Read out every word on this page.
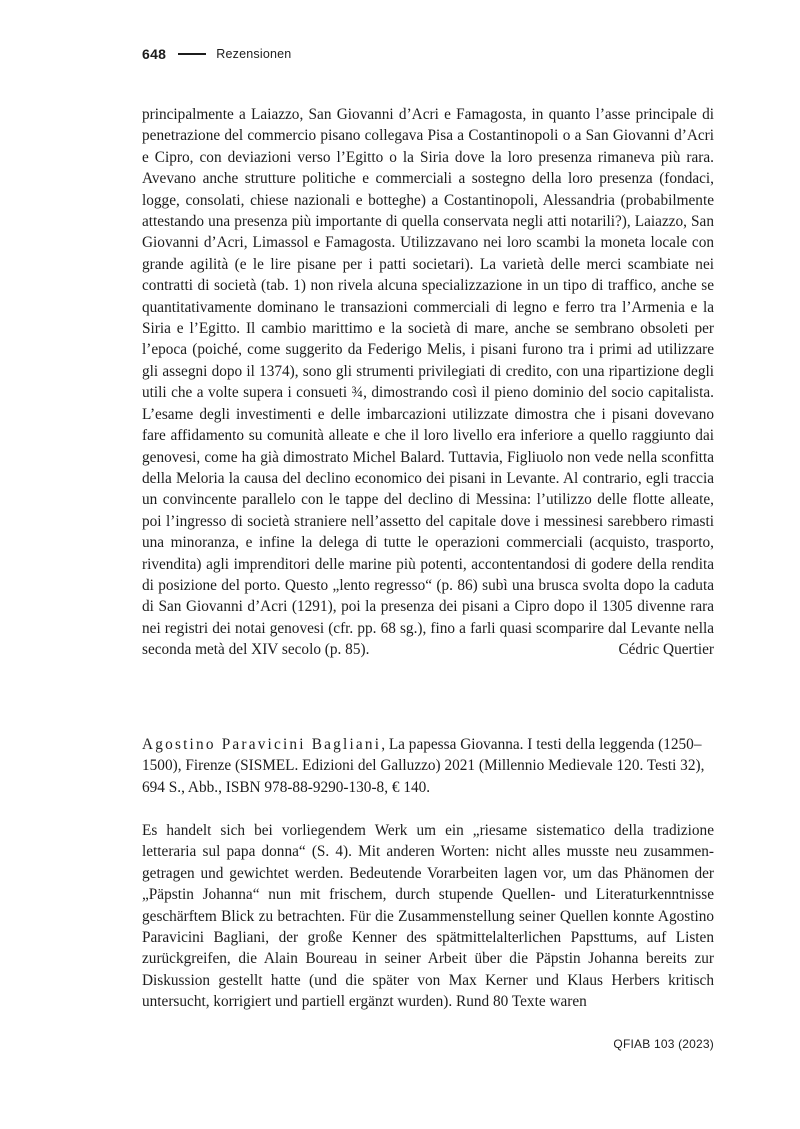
648	Rezensionen
principalmente a Laiazzo, San Giovanni d’Acri e Famagosta, in quanto l’asse principale di penetrazione del commercio pisano collegava Pisa a Costantinopoli o a San Giovanni d’Acri e Cipro, con deviazioni verso l’Egitto o la Siria dove la loro presenza rimaneva più rara. Avevano anche strutture politiche e commerciali a sostegno della loro presenza (fondaci, logge, consolati, chiese nazionali e botteghe) a Costantinopoli, Alessandria (probabilmente attestando una presenza più importante di quella conservata negli atti notarili?), Laiazzo, San Giovanni d’Acri, Limassol e Famagosta. Utilizzavano nei loro scambi la moneta locale con grande agilità (e le lire pisane per i patti societari). La varietà delle merci scambiate nei contratti di società (tab. 1) non rivela alcuna specializzazione in un tipo di traffico, anche se quantitativamente dominano le transazioni commerciali di legno e ferro tra l’Armenia e la Siria e l’Egitto. Il cambio marittimo e la società di mare, anche se sembrano obsoleti per l’epoca (poiché, come suggerito da Federigo Melis, i pisani furono tra i primi ad utilizzare gli assegni dopo il 1374), sono gli strumenti privilegiati di credito, con una ripartizione degli utili che a volte supera i consueti ¾, dimostrando così il pieno dominio del socio capitalista. L’esame degli investimenti e delle imbarcazioni utilizzate dimostra che i pisani dovevano fare affidamento su comunità alleate e che il loro livello era inferiore a quello raggiunto dai genovesi, come ha già dimostrato Michel Balard. Tuttavia, Figliuolo non vede nella sconfitta della Meloria la causa del declino economico dei pisani in Levante. Al contrario, egli traccia un convincente parallelo con le tappe del declino di Messina: l’utilizzo delle flotte alleate, poi l’ingresso di società straniere nell’assetto del capitale dove i messinesi sarebbero rimasti una minoranza, e infine la delega di tutte le operazioni commerciali (acquisto, trasporto, rivendita) agli imprenditori delle marine più potenti, accontentandosi di godere della rendita di posizione del porto. Questo „lento regresso“ (p. 86) subì una brusca svolta dopo la caduta di San Giovanni d’Acri (1291), poi la presenza dei pisani a Cipro dopo il 1305 divenne rara nei registri dei notai genovesi (cfr. pp. 68 sg.), fino a farli quasi scomparire dal Levante nella seconda metà del XIV secolo (p. 85).	Cédric Quertier
Agostino Paravicini Bagliani, La papessa Giovanna. I testi della leggenda (1250–1500), Firenze (SISMEL. Edizioni del Galluzzo) 2021 (Millennio Medievale 120. Testi 32), 694 S., Abb., ISBN 978-88-9290-130-8, € 140.
Es handelt sich bei vorliegendem Werk um ein „riesame sistematico della tradizione letteraria sul papa donna“ (S. 4). Mit anderen Worten: nicht alles musste neu zusammengetragen und gewichtet werden. Bedeutende Vorarbeiten lagen vor, um das Phänomen der „Päpstin Johanna“ nun mit frischem, durch stupende Quellen- und Literaturkenntnisse geschärftem Blick zu betrachten. Für die Zusammenstellung seiner Quellen konnte Agostino Paravicini Bagliani, der große Kenner des spätmittelalterlichen Papsttums, auf Listen zurückgreifen, die Alain Boureau in seiner Arbeit über die Päpstin Johanna bereits zur Diskussion gestellt hatte (und die später von Max Kerner und Klaus Herbers kritisch untersucht, korrigiert und partiell ergänzt wurden). Rund 80 Texte waren
QFIAB 103 (2023)
